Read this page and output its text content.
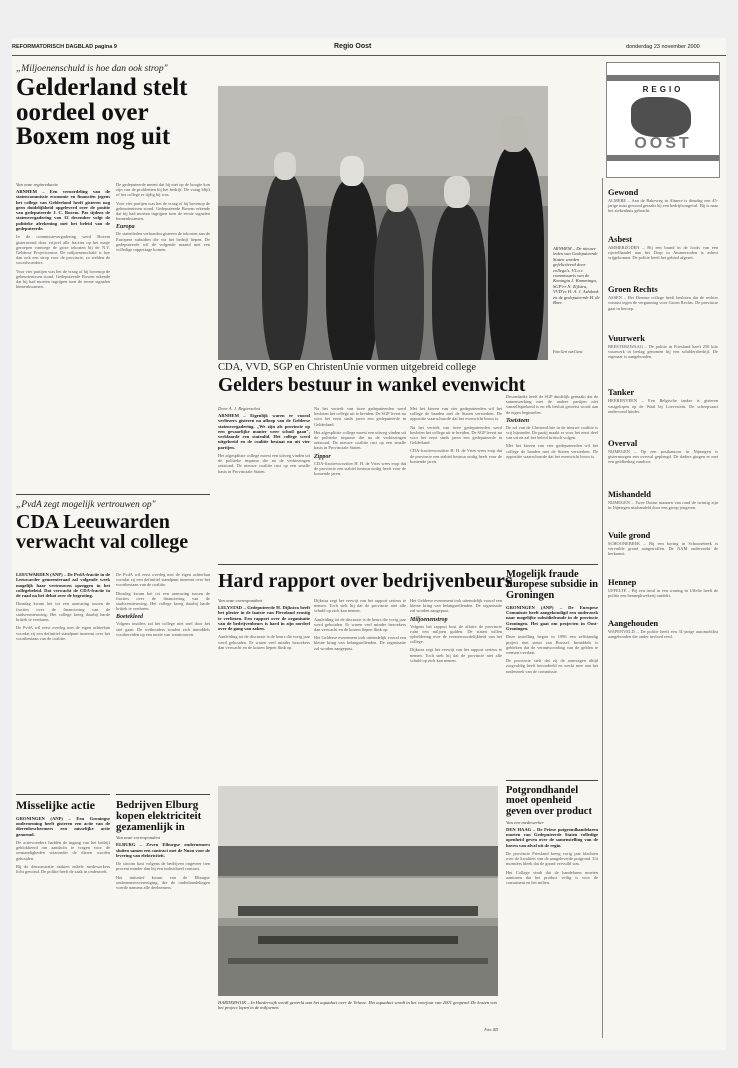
REFORMATORISCH DAGBLAD pagina 9	Regio Oost	donderdag 23 november 2000
„Miljoenenschuld is hoe dan ook strop"
Gelderland stelt oordeel over Boxem nog uit

Van onze regioredactie

ARNHEM – Een veroordeling van de statencommissie economie en financiën jegens het college van Gelderland heeft gisteren nog geen duidelijkheid opgeleverd over de positie van gedeputeerde J. C. Boxem. Pas tijdens de statenvergadering van 12 december volgt de politieke afrekening met het beleid van de gedeputeerde.

In de commissievergadering werd Boxem gisteravond door vrijwel alle fracties op het matje geroepen vanwege de grote tekorten bij de N.V. Gelderse Projectcentra. De miljoenenschuld is hoe dan ook een strop voor de provincie, zo stelden de woordvoerders.

Voor vier partijen was het de vraag of hij bovenop de gebeurtenissen stond. Gedeputeerde Boxem erkende dat hij had moeten ingrijpen toen de eerste signalen binnenkwamen.

De gedeputeerde meent dat hij niet op de hoogte kon zijn van de problemen bij het bedrijf. De vraag blijft of het college er tijdig bij was.

Voor vier partijen was het de vraag of hij bovenop de gebeurtenissen stond. Gedeputeerde Boxem erkende dat hij had moeten ingrijpen toen de eerste signalen binnenkwamen.

Europa

De statenleden verbonden gisteren de tekorten aan de Europese subsidies die via het bedrijf liepen. De gedeputeerde wil de volgende maand met een volledige rapportage komen.	ARNHEM – De nieuwe leden van Gedeputeerde Staten worden gefeliciteerd door collega's. V.l.n.r. commissaris van de Koningin J. Kamminga, SGP'er N. Zijlstra, VVD'er H. A. J. Ashdonk en de gedeputeerde H. de Boer.
Foto Gert van Geest
CDA, VVD, SGP en ChristenUnie vormen uitgebreid college
Gelders bestuur in wankel evenwicht

Door A. J. Regterschot

ARNHEM – Eigenlijk waren er vooral verliezers gisteren na afloop van de Gelderse statenvergadering. „We zijn als provincie op een gevaarlijke manier weer schuil gaan", verklaarde een statenlid. Het college werd uitgebreid en de coalitie bestaat nu uit vier partijen.

Het afgesplitste college moest een uitweg vinden uit de politieke impasse die na de verkiezingen ontstond. De nieuwe coalitie rust op een smalle basis in Provinciale Staten.

Na het vertrek van twee gedeputeerden werd besloten het college uit te breiden. De SGP levert nu voor het eerst sinds jaren een gedeputeerde in Gelderland.

Het afgesplitste college moest een uitweg vinden uit de politieke impasse die na de verkiezingen ontstond. De nieuwe coalitie rust op een smalle basis in Provinciale Staten.

Zippor

CDA-fractievoorzitter H. H. de Vries wees erop dat de provincie een stabiel bestuur nodig heeft voor de komende jaren.

Met het kiezen van vier gedeputeerden wil het college de banden met de Staten versterken. De oppositie waarschuwde dat het evenwicht broos is.

Na het vertrek van twee gedeputeerden werd besloten het college uit te breiden. De SGP levert nu voor het eerst sinds jaren een gedeputeerde in Gelderland.

CDA-fractievoorzitter H. H. de Vries wees erop dat de provincie een stabiel bestuur nodig heeft voor de komende jaren.

Desondanks heeft de SGP duidelijk gemaakt dat de samenwerking met de andere partijen niet vanzelfsprekend is en elk besluit getoetst wordt aan de eigen beginselen.

Toetsteen

De rol van de ChristenUnie in de nieuwe coalitie is vrij bijzonder. De partij maakt er voor het eerst deel van uit en zal het beleid kritisch volgen.

Met het kiezen van vier gedeputeerden wil het college de banden met de Staten versterken. De oppositie waarschuwde dat het evenwicht broos is.

„PvdA zegt mogelijk vertrouwen op"
CDA Leeuwarden verwacht val college

LEEUWARDEN (ANP) – De PvdA-fractie in de Leeuwarder gemeenteraad zal volgende week mogelijk haar vertrouwen opzeggen in het collegebeleid. Dat verwacht de CDA-fractie in de raad na het debat over de begroting.

Dinsdag kwam het tot een aanvaring tussen de fracties over de financiering van de stadsvernieuwing. Het college kreeg daarbij harde kritiek te verduren.

De PvdA wil eerst overleg met de eigen achterban voordat zij een definitief standpunt inneemt over het voortbestaan van de coalitie.

De PvdA wil eerst overleg met de eigen achterban voordat zij een definitief standpunt inneemt over het voortbestaan van de coalitie.

Dinsdag kwam het tot een aanvaring tussen de fracties over de financiering van de stadsvernieuwing. Het college kreeg daarbij harde kritiek te verduren.

Boetekleed

Volgens insiders zal het college niet snel door het stof gaan. De wethouders zouden zich inmiddels voorbereiden op een motie van wantrouwen.

Hard rapport over bedrijvenbeurs

Van onze correspondent

LELYSTAD – Gedeputeerde H. Dijkstra heeft het plezier in de laatste van Flevoland ernstig te verliezen. Een rapport over de organisatie van de bedrijvenbeurs is hard in zijn oordeel over de gang van zaken.

Aanleiding tot de discussie is de beurs die vorig jaar werd gehouden. Er waren veel minder bezoekers dan verwacht en de kosten liepen flink op.

Dijkstra zegt het verwijt van het rapport serieus te nemen. Toch stelt hij dat de provincie niet alle schuld op zich kan nemen.

Aanleiding tot de discussie is de beurs die vorig jaar werd gehouden. Er waren veel minder bezoekers dan verwacht en de kosten liepen flink op.

Het Gelderse evenement trok uiteindelijk vooral een kleine kring van belangstellenden. De organisatie zal worden aangepast.

Het Gelderse evenement trok uiteindelijk vooral een kleine kring van belangstellenden. De organisatie zal worden aangepast.

Miljoenenstrop

Volgens het rapport kost de affaire de provincie ruim een miljoen gulden. De staten willen opheldering over de verantwoordelijkheid van het college.

Dijkstra zegt het verwijt van het rapport serieus te nemen. Toch stelt hij dat de provincie niet alle schuld op zich kan nemen.

Mogelijk fraude Europese subsidie in Groningen

GRONINGEN (ANP) – De Europese Commissie heeft aangekondigd een onderzoek naar mogelijke subsidiefraude in de provincie Groningen. Het gaat om projecten in Oost-Groningen.

Deze instelling begon in 1996 een zelfstandig project met steun van Brussel. Inmiddels is gebleken dat de verantwoording van de gelden te wensen overlaat.

De provincie stelt dat zij de aanvragen altijd zorgvuldig heeft beoordeeld en werkt mee aan het onderzoek van de commissie.

Potgrondhandel moet openheid geven over product

Van een medewerker

DEN HAAG – De Friese potgrondhandelaren moeten van Gedeputeerde Staten volledige openheid geven over de samenstelling van de haven van afval uit de regio.

De provincie Friesland kreeg vorig jaar klachten over de kwaliteit van de aangeleverde potgrond. Uit monsters bleek dat de grond vervuild was.

Het College vindt dat de handelaren moeten aantonen dat het product veilig is voor de consument en het milieu.

Misselijke actie

GRONINGEN (ANP) – Een Groningse onderneming heeft gisteren een actie van de dierenbeschermers een misselijke actie genoemd.

De actievoerders hadden de ingang van het bedrijf geblokkeerd om aandacht te vragen voor de omstandigheden waaronder de dieren worden gehouden.

Bij de demonstratie raakten enkele medewerkers licht gewond. De politie heeft de zaak in onderzoek.

Bedrijven Elburg kopen elektriciteit gezamenlijk in

Van onze correspondent

ELBURG – Zeven Elburgse ondernemers sluiten samen een contract met de Nuon voor de levering van elektriciteit.

De stroom kost volgens de bedrijven ongeveer tien procent minder dan bij een individueel contract.

Het initiatief kwam van de Elburgse ondernemersvereniging, die de onderhandelingen voerde namens alle deelnemers.

HARDERWIJK – In Harderwijk wordt gewerkt aan het aquaduct over de Veluwe. Het aquaduct wordt in het voorjaar van 2001 geopend. De kosten van het project lopen in de miljoenen.
Foto: RD
REGIO
OOST
Gewond

ALMERE – Aan de Bakeweg in Almere is dinsdag een 45-jarige man gewond geraakt bij een bedrijfsongeval. Hij is naar het ziekenhuis gebracht.

Asbest

AMMERZODEN – Bij een brand in de loods van een rijwielhandel aan het Dorp in Ammerzoden is asbest vrijgekomen. De politie heeft het gebied afgezet.

Groen Rechts

ASSEN – Het Drentse college heeft besloten dat de rechter vonnist tegen de vergunning voor Groen Rechts. De provincie gaat in beroep.

Vuurwerk

BEESTERZWAAG – De politie in Friesland heeft 250 kilo vuurwerk in beslag genomen bij een schildersbedrijf. De eigenaar is aangehouden.

Tanker

HEERENVEEN – Een Belgische tanker is gisteren vastgelopen op de Waal bij Loevestein. De scheepvaart ondervond hinder.

Overval

NIJMEGEN – Op een postkantoor in Nijmegen is gistermorgen een overval gepleegd. De daders gingen er met een geldbedrag vandoor.

Mishandeld

NIJMEGEN – Twee Duitse mannen van rond de twintig zijn in Nijmegen mishandeld door een groep jongeren.

Vuile grond

SCHOONEBEEK – Bij een boring in Schoonebeek is vervuilde grond aangetroffen. De NAM onderzoekt de herkomst.

Hennep

UFFELTE – Bij een inval in een woning in Uffelte heeft de politie een hennepkwekerij ontdekt.

Aangehouden

WAPENVELD – De politie heeft een 31-jarige automobilist aangehouden die onder invloed reed.
